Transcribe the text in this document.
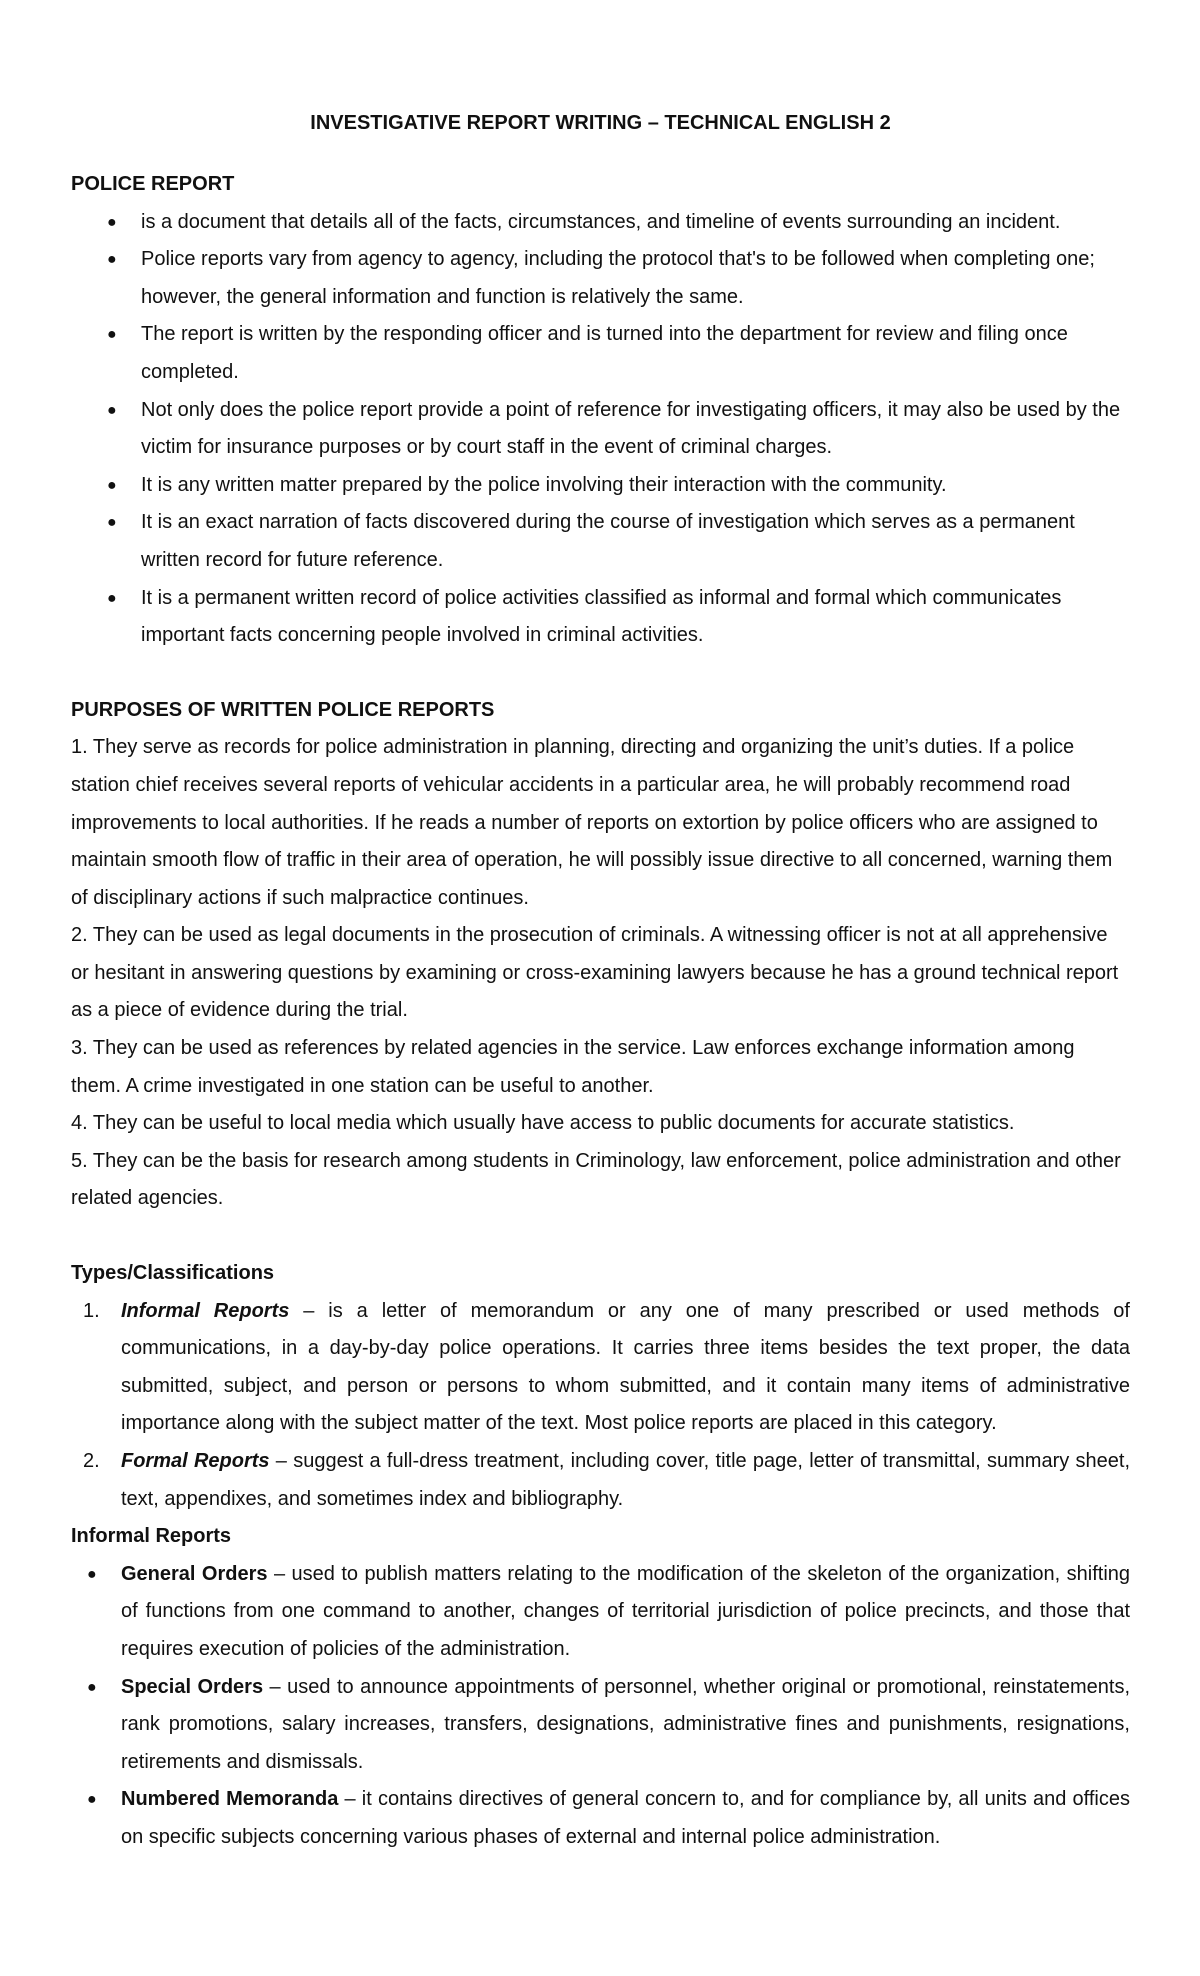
INVESTIGATIVE REPORT WRITING – TECHNICAL ENGLISH 2
POLICE REPORT
● is a document that details all of the facts, circumstances, and timeline of events surrounding an incident.
● Police reports vary from agency to agency, including the protocol that's to be followed when completing one; however, the general information and function is relatively the same.
● The report is written by the responding officer and is turned into the department for review and filing once completed.
● Not only does the police report provide a point of reference for investigating officers, it may also be used by the victim for insurance purposes or by court staff in the event of criminal charges.
● It is any written matter prepared by the police involving their interaction with the community.
● It is an exact narration of facts discovered during the course of investigation which serves as a permanent written record for future reference.
● It is a permanent written record of police activities classified as informal and formal which communicates important facts concerning people involved in criminal activities.
PURPOSES OF WRITTEN POLICE REPORTS

1. They serve as records for police administration in planning, directing and organizing the unit’s duties. If a police station chief receives several reports of vehicular accidents in a particular area, he will probably recommend road improvements to local authorities. If he reads a number of reports on extortion by police officers who are assigned to maintain smooth flow of traffic in their area of operation, he will possibly issue directive to all concerned, warning them of disciplinary actions if such malpractice continues.

2. They can be used as legal documents in the prosecution of criminals. A witnessing officer is not at all apprehensive or hesitant in answering questions by examining or cross-examining lawyers because he has a ground technical report as a piece of evidence during the trial.

3. They can be used as references by related agencies in the service. Law enforces exchange information among them. A crime investigated in one station can be useful to another.

4. They can be useful to local media which usually have access to public documents for accurate statistics.

5. They can be the basis for research among students in Criminology, law enforcement, police administration and other related agencies.

Types/Classifications
1. Informal Reports – is a letter of memorandum or any one of many prescribed or used methods of communications, in a day-by-day police operations. It carries three items besides the text proper, the data submitted, subject, and person or persons to whom submitted, and it contain many items of administrative importance along with the subject matter of the text. Most police reports are placed in this category.
2. Formal Reports – suggest a full-dress treatment, including cover, title page, letter of transmittal, summary sheet, text, appendixes, and sometimes index and bibliography.
Informal Reports
● General Orders – used to publish matters relating to the modification of the skeleton of the organization, shifting of functions from one command to another, changes of territorial jurisdiction of police precincts, and those that requires execution of policies of the administration.
● Special Orders – used to announce appointments of personnel, whether original or promotional, reinstatements, rank promotions, salary increases, transfers, designations, administrative fines and punishments, resignations, retirements and dismissals.
● Numbered Memoranda – it contains directives of general concern to, and for compliance by, all units and offices on specific subjects concerning various phases of external and internal police administration.
